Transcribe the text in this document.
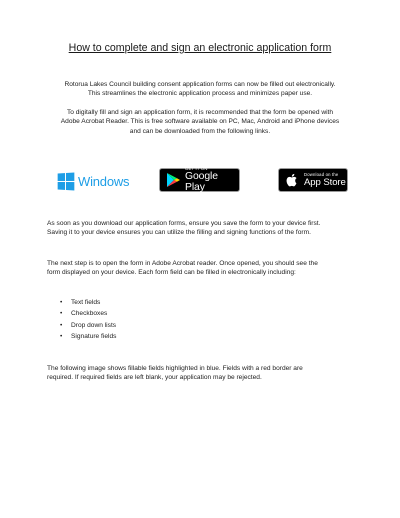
How to complete and sign an electronic application form

Rotorua Lakes Council building consent application forms can now be filled out electronically.
This streamlines the electronic application process and minimizes paper use.

To digitally fill and sign an application form, it is recommended that the form be opened with
Adobe Acrobat Reader. This is free software available on PC, Mac, Android and iPhone devices
and can be downloaded from the following links.

Windows
GET IT ON
Google Play
Download on the
App Store

As soon as you download our application forms, ensure you save the form to your device first.
Saving it to your device ensures you can utilize the filling and signing functions of the form.

The next step is to open the form in Adobe Acrobat reader. Once opened, you should see the
form displayed on your device. Each form field can be filled in electronically including:

• Text fields
• Checkboxes
• Drop down lists
• Signature fields

The following image shows fillable fields highlighted in blue. Fields with a red border are
required. If required fields are left blank, your application may be rejected.
